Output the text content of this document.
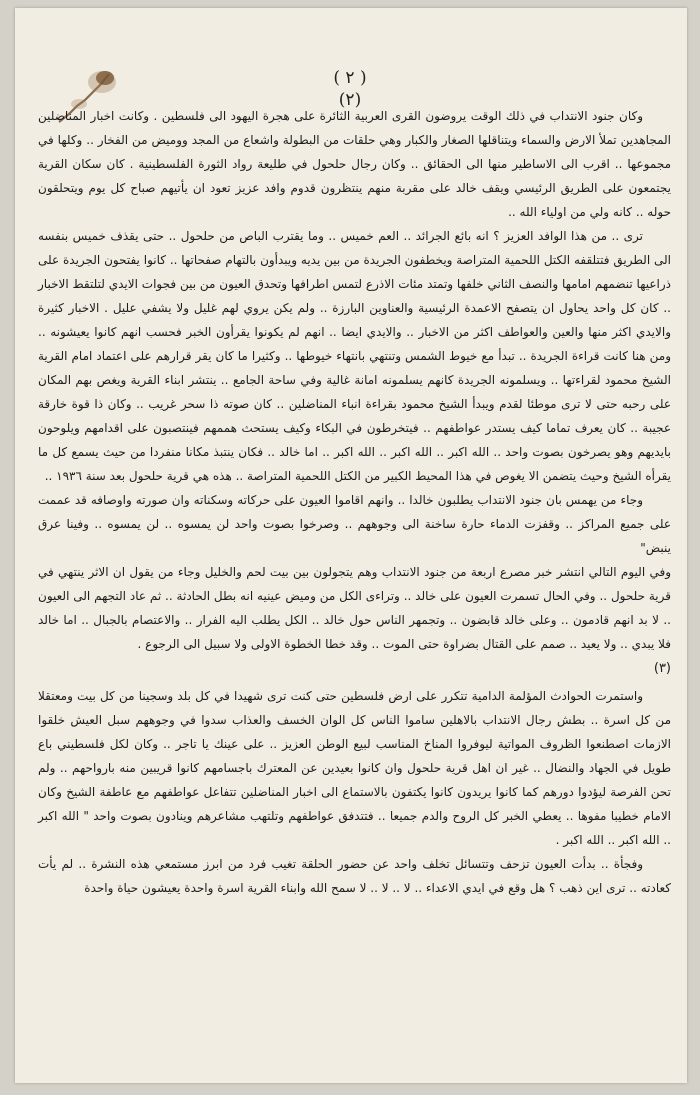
( ٢ )
(٢)

وكان جنود الانتداب في ذلك الوقت يروضون القرى العربية الثائرة على هجرة اليهود الى فلسطين . وكانت اخبار المناضلين المجاهدين تملأ الارض والسماء ويتناقلها الصغار والكبار وهي حلقات من البطولة واشعاع من المجد ووميض من الفخار .. وكلها في مجموعها .. اقرب الى الاساطير منها الى الحقائق .. وكان رجال حلحول في طليعة رواد الثورة الفلسطينية . كان سكان القرية يجتمعون على الطريق الرئيسي ويقف خالد على مقربة منهم ينتظرون قدوم وافد عزيز تعود ان يأتيهم صباح كل يوم ويتحلقون حوله .. كانه ولي من اولياء الله ..

ترى .. من هذا الوافد العزيز ؟ انه بائع الجرائد .. العم خميس .. وما يقترب الباص من حلحول .. حتى يقذف خميس بنفسه الى الطريق فتتلقفه الكتل اللحمية المتراصة ويخطفون الجريدة من بين يديه ويبدأون بالتهام صفحاتها .. كانوا يفتحون الجريدة على ذراعيها تنضمهم امامها والنصف الثاني خلفها وتمتد مئات الاذرع لتمس اطرافها وتحدق العيون من بين فجوات الايدي لتلتقط الاخبار .. كان كل واحد يحاول ان يتصفح الاعمدة الرئيسية والعناوين البارزة .. ولم يكن يروي لهم غليل ولا يشفي عليل . الاخبار كثيرة والايدي اكثر منها والعين والعواطف اكثر من الاخبار .. والايدي ايضا .. انهم لم يكونوا يقرأون الخبر فحسب انهم كانوا يعيشونه .. ومن هنا كانت قراءة الجريدة .. تبدأ مع خيوط الشمس وتنتهي بانتهاء خيوطها .. وكثيرا ما كان يقر قرارهم على اعتماد امام القرية الشيخ محمود لقراءتها .. ويسلمونه الجريدة كانهم يسلمونه امانة غالية وفي ساحة الجامع .. ينتشر ابناء القرية ويغص بهم المكان على رحبه حتى لا ترى موطئا لقدم ويبدأ الشيخ محمود بقراءة انباء المناضلين .. كان صوته ذا سحر غريب .. وكان ذا قوة خارقة عجيبة .. كان يعرف تماما كيف يستدر عواطفهم .. فيتخرطون في البكاء وكيف يستحث هممهم فينتصبون على اقدامهم ويلوحون بايديهم وهو يصرخون بصوت واحد .. الله اكبر .. الله اكبر .. الله اكبر .. اما خالد .. فكان ينتبذ مكانا منفردا من حيث يسمع كل ما يقرأه الشيخ وحيث يتضمن الا يغوص في هذا المحيط الكبير من الكتل اللحمية المتراصة .. هذه هي قرية حلحول بعد سنة ١٩٣٦ ..

وجاء من يهمس بان جنود الانتداب يطلبون خالدا .. وانهم اقاموا العيون على حركاته وسكناته وان صورته واوصافه قد عممت على جميع المراكز .. وقفزت الدماء حارة ساخنة الى وجوههم .. وصرخوا بصوت واحد لن يمسوه .. لن يمسوه .. وفينا عرق ينبض"

وفي اليوم التالي انتشر خبر مصرع اربعة من جنود الانتداب وهم يتجولون بين بيت لحم والخليل وجاء من يقول ان الاثر ينتهي في قرية حلحول .. وفي الحال تسمرت العيون على خالد .. وتراءى الكل من وميض عينيه انه بطل الحادثة .. ثم عاد التجهم الى العيون .. لا بد انهم قادمون .. وعلى خالد قابضون .. وتجمهر الناس حول خالد .. الكل يطلب اليه الفرار .. والاعتصام بالجبال .. اما خالد فلا يبدي .. ولا يعيد .. صمم على القتال بضراوة حتى الموت .. وقد خطا الخطوة الاولى ولا سبيل الى الرجوع .

(٣)

واستمرت الحوادث المؤلمة الدامية تتكرر على ارض فلسطين حتى كنت ترى شهيدا في كل بلد وسجينا من كل بيت ومعتقلا من كل اسرة .. بطش رجال الانتداب بالاهلين ساموا الناس كل الوان الخسف والعذاب سدوا في وجوههم سبل العيش خلقوا الازمات اصطنعوا الظروف المواتية ليوفروا المناخ المناسب لبيع الوطن العزيز .. على عينك يا تاجر .. وكان لكل فلسطيني باع طويل في الجهاد والنضال .. غير ان اهل قرية حلحول وان كانوا بعيدين عن المعترك باجسامهم كانوا قريبين منه بارواحهم .. ولم تحن الفرصة ليؤدوا دورهم كما كانوا يريدون كانوا يكتفون بالاستماع الى اخبار المناضلين تتفاعل عواطفهم مع عاطفة الشيخ وكان الامام خطيبا مفوها .. يعطي الخبر كل الروح والدم جميعا .. فتتدفق عواطفهم وتلتهب مشاعرهم وينادون بصوت واحد " الله اكبر .. الله اكبر .. الله اكبر .

وفجأة .. بدأت العيون تزحف وتتسائل تخلف واحد عن حضور الحلقة تغيب فرد من ابرز مستمعي هذه النشرة .. لم يأت كعادته .. ترى اين ذهب ؟ هل وقع في ايدي الاعداء .. لا .. لا .. لا سمح الله وابناء القرية اسرة واحدة يعيشون حياة واحدة
